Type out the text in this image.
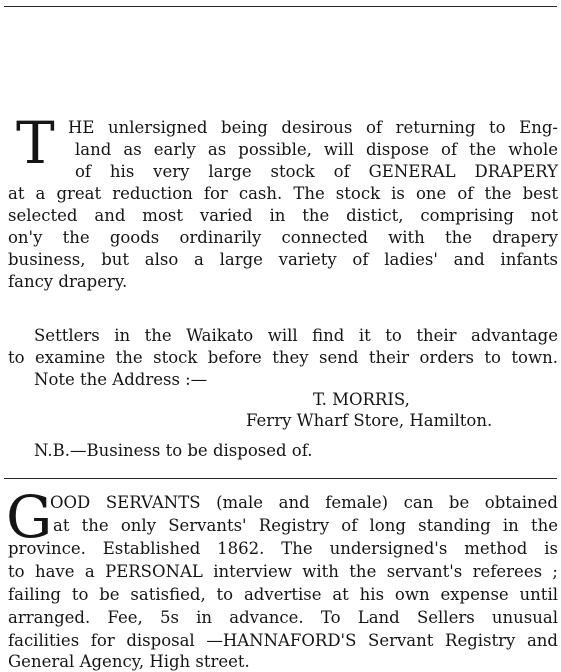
T HE unlersigned being desirous of returning to Eng-
land as early as possible, will dispose of the whole
of his very large stock of GENERAL DRAPERY
at a great reduction for cash. The stock is one of the best
selected and most varied in the distict, comprising not
on'y the goods ordinarily connected with the drapery
business, but also a large variety of ladies' and infants
fancy drapery.
Settlers in the Waikato will find it to their advantage
to examine the stock before they send their orders to town.
Note the Address :—
T. MORRIS,
Ferry Wharf Store, Hamilton.
N.B.—Business to be disposed of.
G
OOD SERVANTS (male and female) can be obtained
at the only Servants' Registry of long standing in the
province. Established 1862. The undersigned's method is
to have a PERSONAL interview with the servant's referees ;
failing to be satisfied, to advertise at his own expense until
arranged. Fee, 5s in advance. To Land Sellers unusual
facilities for disposal —HANNAFORD'S Servant Registry and
General Agency, High street.
